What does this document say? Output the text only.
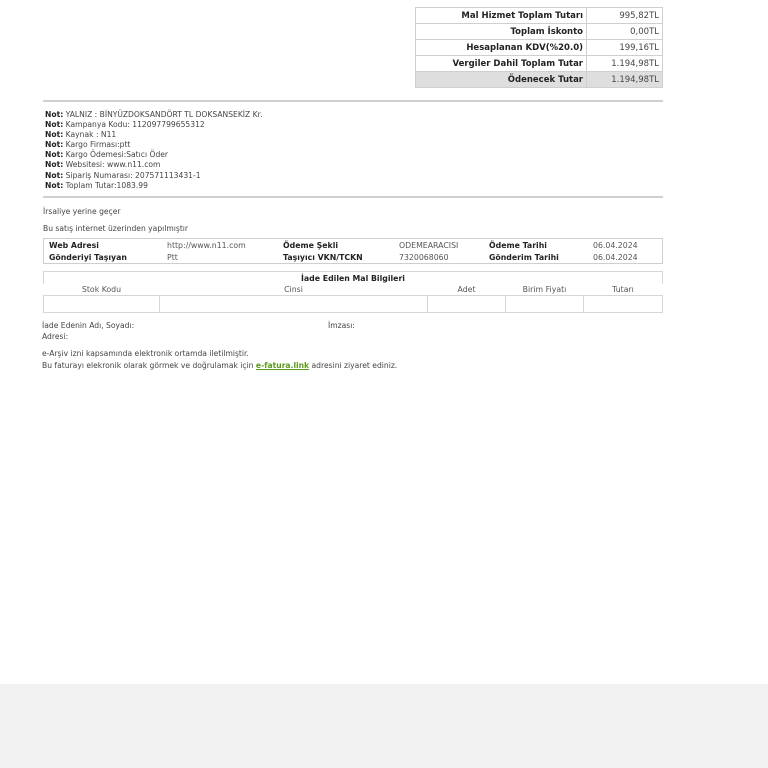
Mal Hizmet Toplam Tutarı	995,82TL
Toplam İskonto	0,00TL
Hesaplanan KDV(%20.0)	199,16TL
Vergiler Dahil Toplam Tutar	1.194,98TL
Ödenecek Tutar	1.194,98TL
Not: YALNIZ : BİNYÜZDOKSANDÖRT TL DOKSANSEKİZ Kr.
Not: Kampanya Kodu: 112097799655312
Not: Kaynak : N11
Not: Kargo Firması:ptt
Not: Kargo Ödemesi:Satıcı Öder
Not: Websitesi: www.n11.com
Not: Sipariş Numarası: 207571113431-1
Not: Toplam Tutar:1083.99
İrsaliye yerine geçer
Bu satış internet üzerinden yapılmıştır
Web Adresi	http://www.n11.com	Ödeme Şekli	ODEMEARACISI	Ödeme Tarihi	06.04.2024
Gönderiyi Taşıyan	Ptt	Taşıyıcı VKN/TCKN	7320068060	Gönderim Tarihi	06.04.2024
İade Edilen Mal Bilgileri				
Stok Kodu	Cinsi	Adet	Birim Fiyatı	Tutarı

İade Edenin Adı, Soyadı:	İmzası:
Adresi:
e-Arşiv izni kapsamında elektronik ortamda iletilmiştir.
Bu faturayı elekronik olarak görmek ve doğrulamak için e-fatura.link adresini ziyaret ediniz.
